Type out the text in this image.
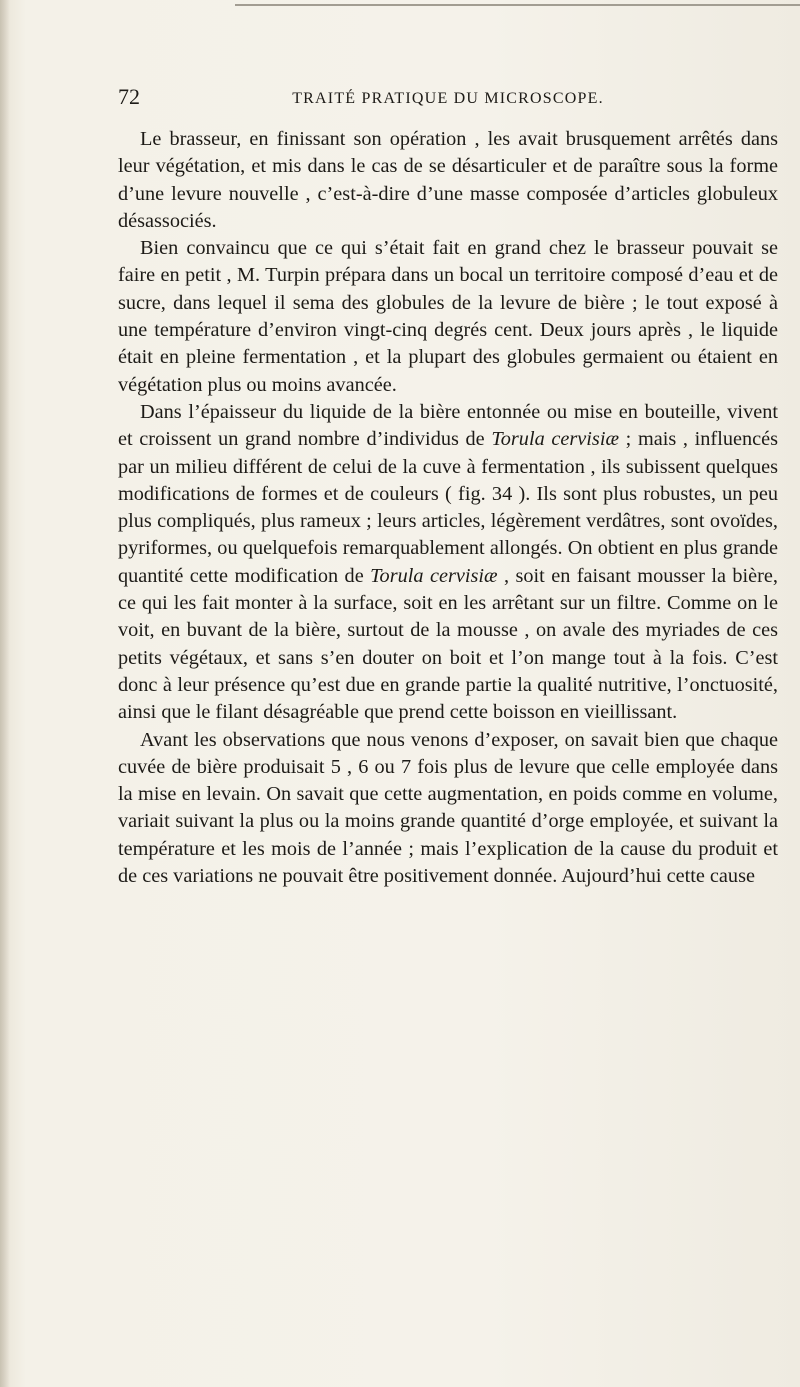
72	TRAITÉ PRATIQUE DU MICROSCOPE.

Le brasseur, en finissant son opération , les avait brusquement arrêtés dans leur végétation, et mis dans le cas de se désarticuler et de paraître sous la forme d’une levure nouvelle , c’est-à-dire d’une masse composée d’articles globuleux désassociés.

Bien convaincu que ce qui s’était fait en grand chez le brasseur pouvait se faire en petit , M. Turpin prépara dans un bocal un territoire composé d’eau et de sucre, dans lequel il sema des globules de la levure de bière ; le tout exposé à une température d’environ vingt-cinq degrés cent. Deux jours après , le liquide était en pleine fermentation , et la plupart des globules germaient ou étaient en végétation plus ou moins avancée.

Dans l’épaisseur du liquide de la bière entonnée ou mise en bouteille, vivent et croissent un grand nombre d’individus de Torula cervisiæ ; mais , influencés par un milieu différent de celui de la cuve à fermentation , ils subissent quelques modifications de formes et de couleurs ( fig. 34 ). Ils sont plus robustes, un peu plus compliqués, plus rameux ; leurs articles, légèrement verdâtres, sont ovoïdes, pyriformes, ou quelquefois remarquablement allongés. On obtient en plus grande quantité cette modification de Torula cervisiæ , soit en faisant mousser la bière, ce qui les fait monter à la surface, soit en les arrêtant sur un filtre. Comme on le voit, en buvant de la bière, surtout de la mousse , on avale des myriades de ces petits végétaux, et sans s’en douter on boit et l’on mange tout à la fois. C’est donc à leur présence qu’est due en grande partie la qualité nutritive, l’onctuosité, ainsi que le filant désagréable que prend cette boisson en vieillissant.

Avant les observations que nous venons d’exposer, on savait bien que chaque cuvée de bière produisait 5 , 6 ou 7 fois plus de levure que celle employée dans la mise en levain. On savait que cette augmentation, en poids comme en volume, variait suivant la plus ou la moins grande quantité d’orge employée, et suivant la température et les mois de l’année ; mais l’explication de la cause du produit et de ces variations ne pouvait être positivement donnée. Aujourd’hui cette cause
